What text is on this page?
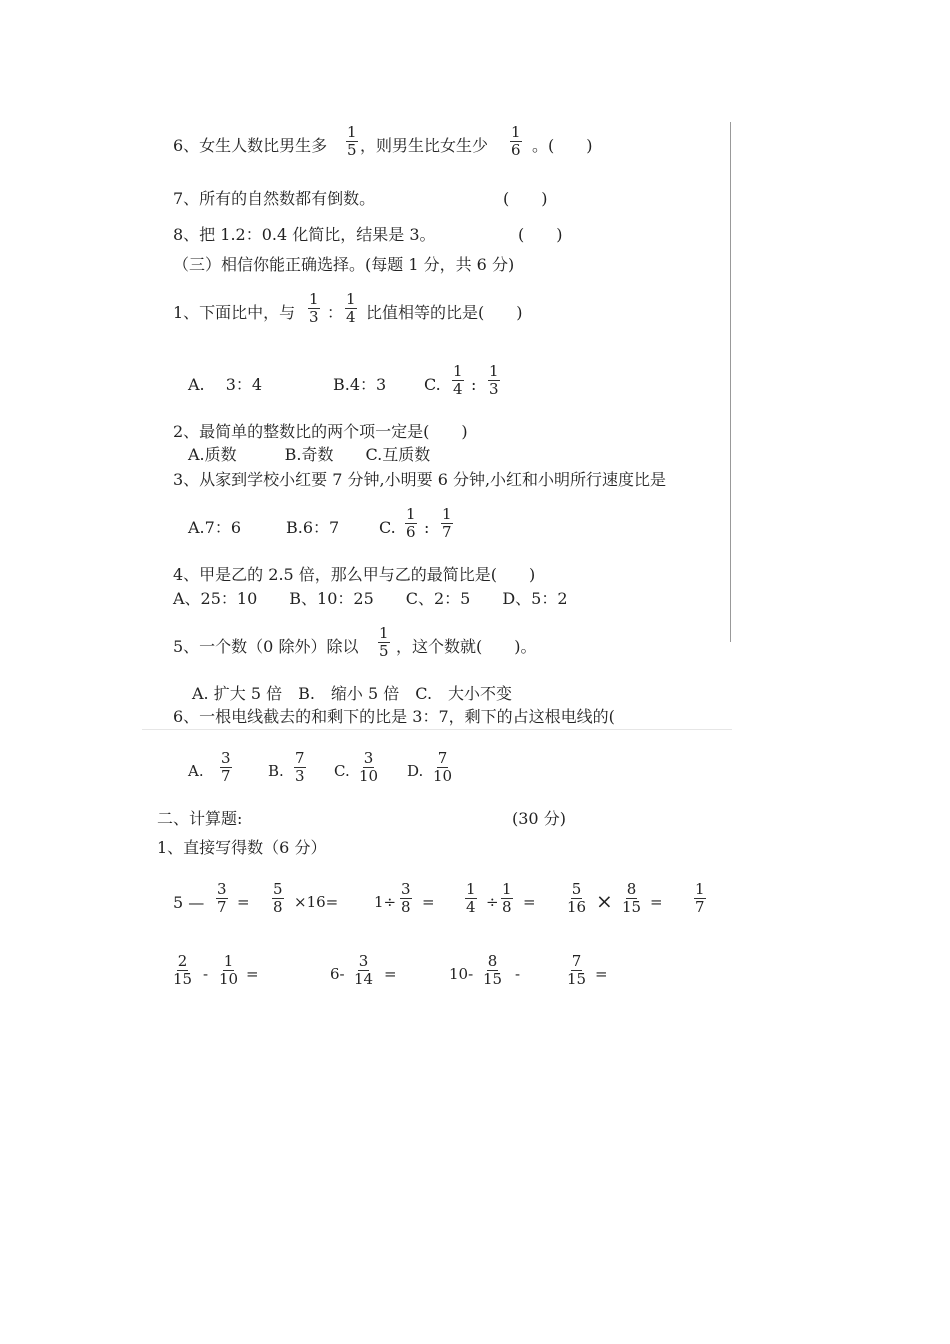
6、女生人数比男生多 $\frac{1}{5}$ ，则男生比女生少 $\frac{1}{6}$ 。(　　)
7、所有的自然数都有倒数。	(　　)
8、把 1.2：0.4 化简比，结果是 3。	(　　)
（三）相信你能正确选择。(每题 1 分，共 6 分)
1、下面比中，与 $\frac{1}{3}$ ： $\frac{1}{4}$ 比值相等的比是(　　)
A.　 3：4	B.4：3 C. $\frac{1}{4}$ : $\frac{1}{3}$
2、最简单的整数比的两个项一定是(　　)
A.质数　　　B.奇数　　C.互质数
3、从家到学校小红要 7 分钟,小明要 6 分钟,小红和小明所行速度比是
A.7：6	B.6：7 C. $\frac{1}{6}$ : $\frac{1}{7}$
4、甲是乙的 2.5 倍，那么甲与乙的最简比是(　　)
A、25：10　　B、10：25　　C、2：5　　D、5：2
5、一个数（0 除外）除以 $\frac{1}{5}$ ，这个数就(　　)。
A. 扩大 5 倍　B.　缩小 5 倍　C.　大小不变
6、一根电线截去的和剩下的比是 3：7，剩下的占这根电线的(
A. $\frac{3}{7} B$. $\frac{7}{3} C$. $\frac{3}{10} D$. $\frac{7}{10}$
二、计算题:	(30 分)
1、直接写得数（6 分）
5 — $\frac{3}{7} = \frac{5}{8} \times 16= 1\div \frac{3}{8} = \frac{1}{4} \div \frac{1}{8} = \frac{5}{16} \times \frac{8}{15} = \frac{1}{7}$
$\frac{2}{15} - \frac{1}{10}$ =	$6- \frac{3}{14}$ =	$10- \frac{8}{15}$ -	$\frac{7}{15}$ =
